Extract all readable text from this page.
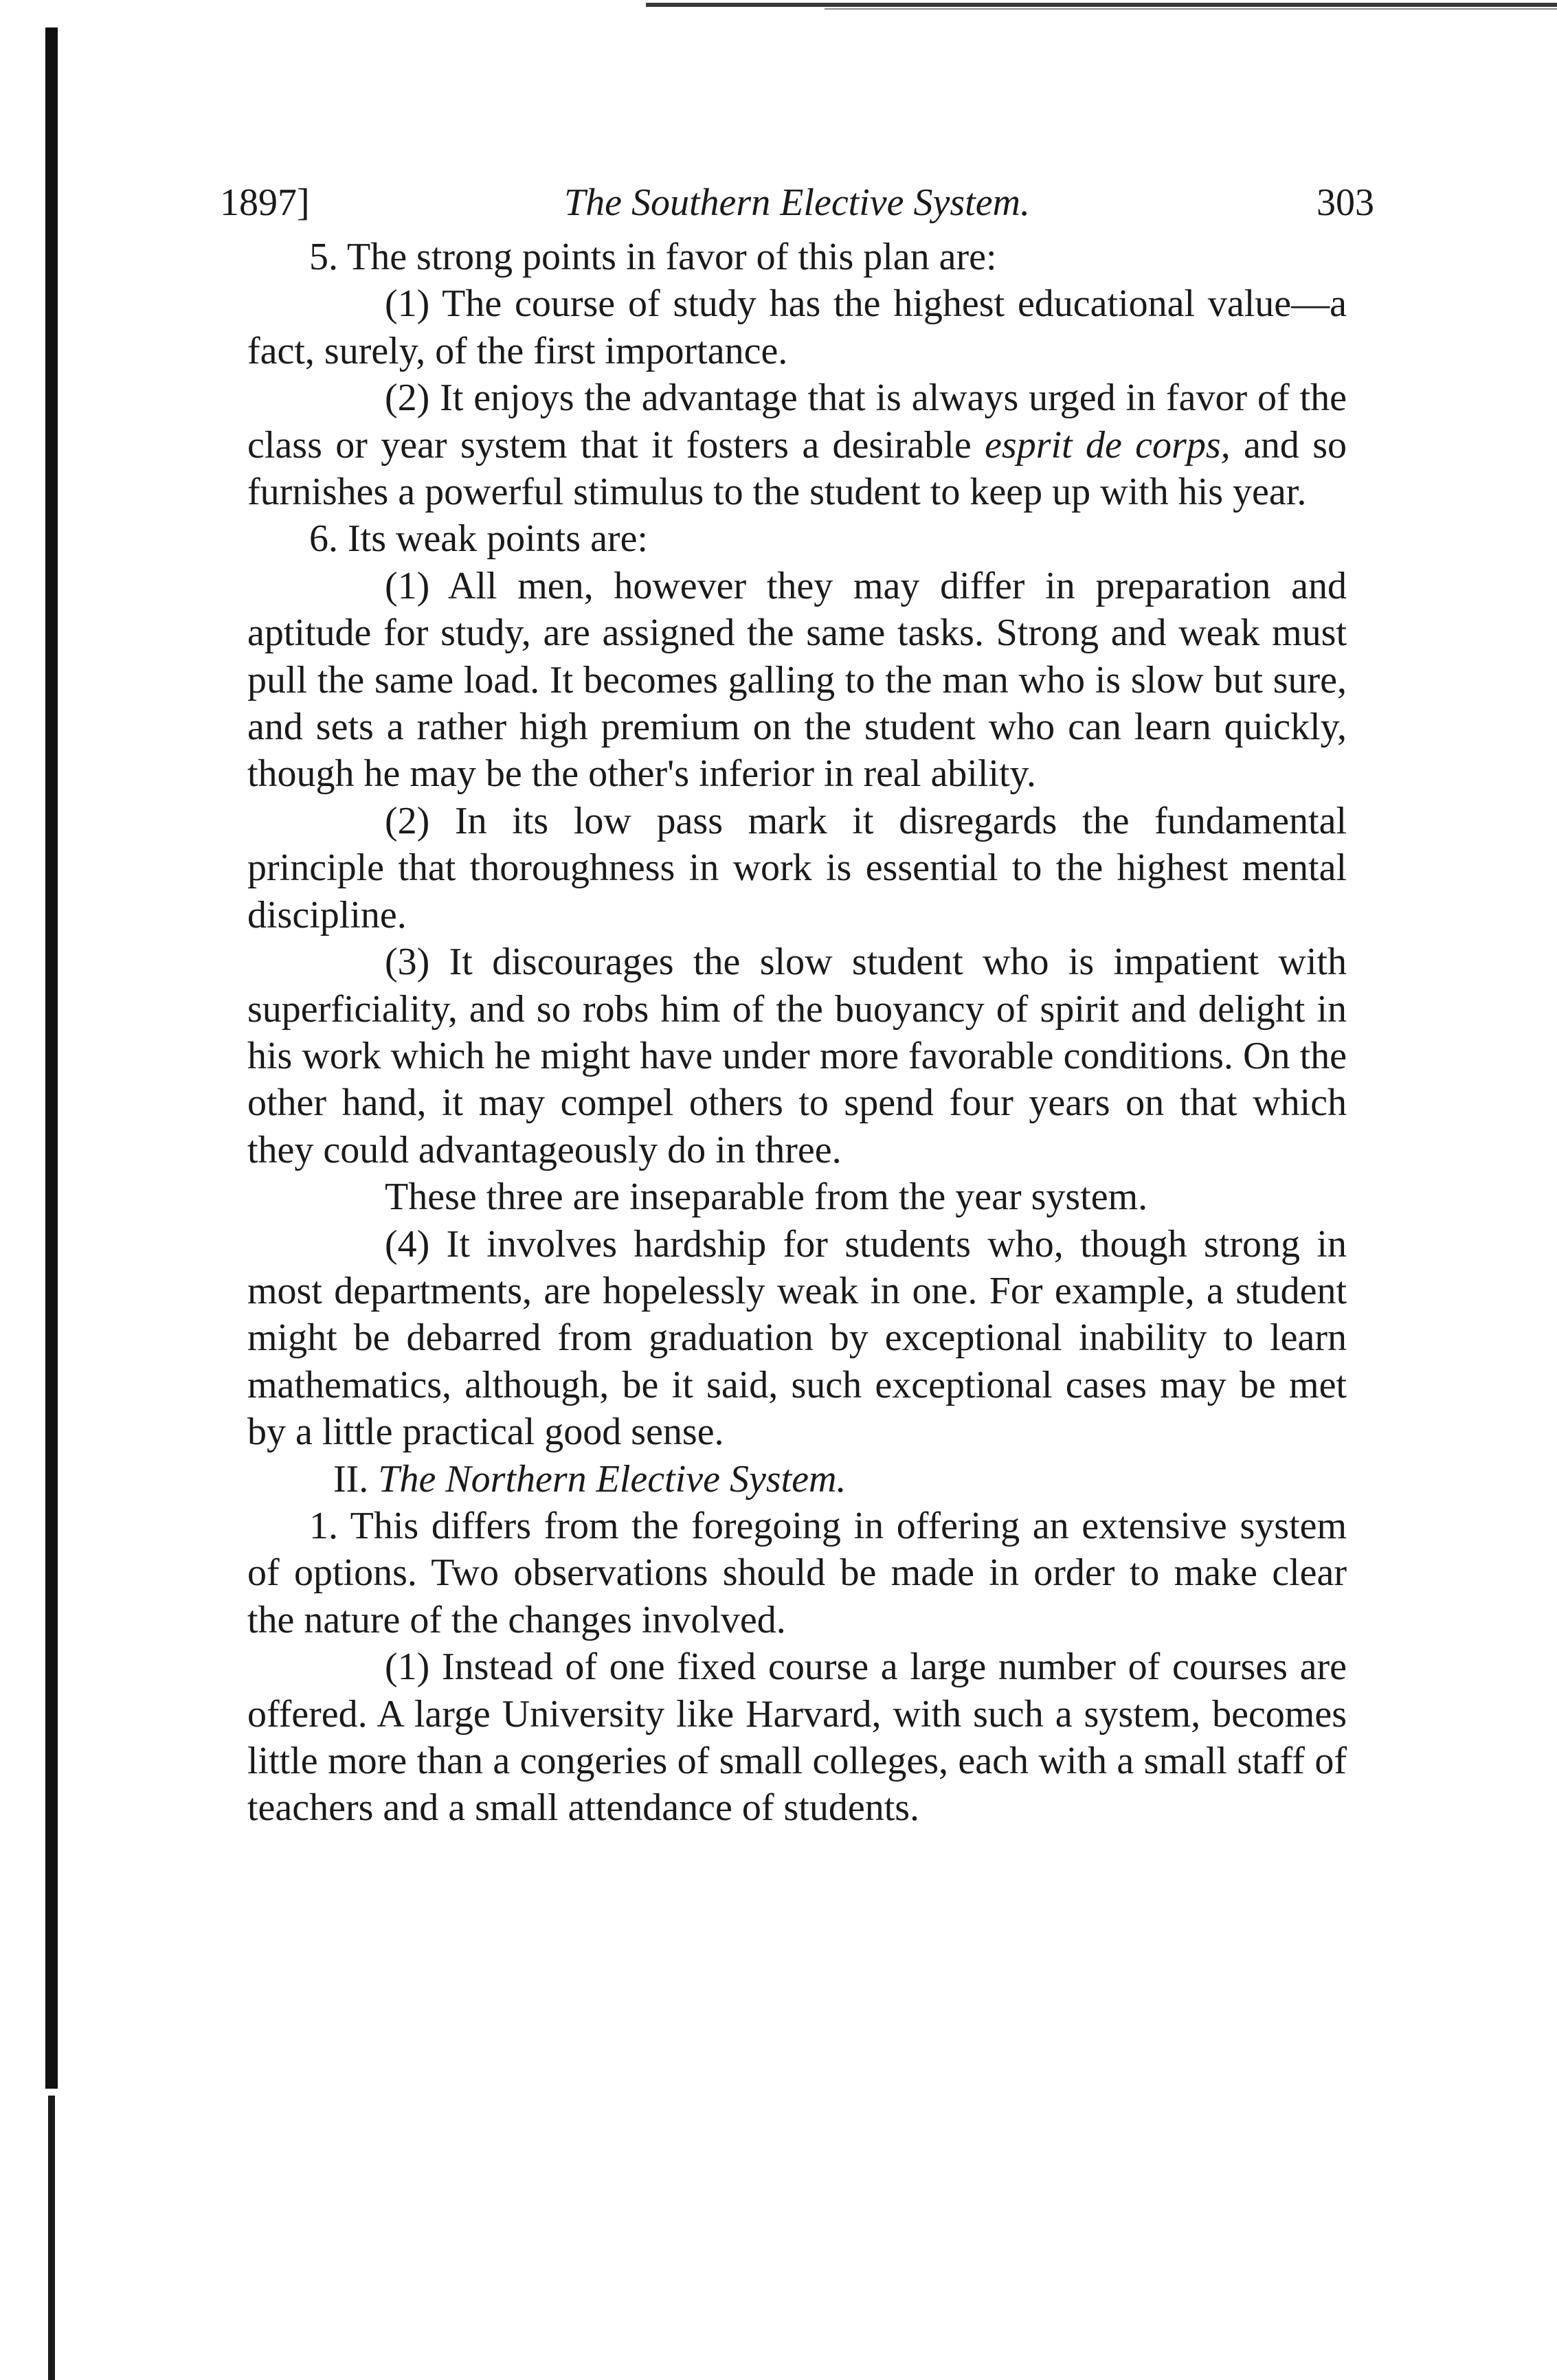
1897]	The Southern Elective System.	303

5. The strong points in favor of this plan are:

(1) The course of study has the highest educational value—a fact, surely, of the first importance.

(2) It enjoys the advantage that is always urged in favor of the class or year system that it fosters a desirable esprit de corps, and so furnishes a powerful stimulus to the student to keep up with his year.

6. Its weak points are:

(1) All men, however they may differ in preparation and aptitude for study, are assigned the same tasks. Strong and weak must pull the same load. It becomes galling to the man who is slow but sure, and sets a rather high premium on the student who can learn quickly, though he may be the other's inferior in real ability.

(2) In its low pass mark it disregards the fundamental principle that thoroughness in work is essential to the highest mental discipline.

(3) It discourages the slow student who is impatient with superficiality, and so robs him of the buoyancy of spirit and delight in his work which he might have under more favorable conditions. On the other hand, it may compel others to spend four years on that which they could advantageously do in three.

These three are inseparable from the year system.

(4) It involves hardship for students who, though strong in most departments, are hopelessly weak in one. For example, a student might be debarred from graduation by exceptional inability to learn mathematics, although, be it said, such exceptional cases may be met by a little practical good sense.

II. The Northern Elective System.

1. This differs from the foregoing in offering an extensive system of options. Two observations should be made in order to make clear the nature of the changes involved.

(1) Instead of one fixed course a large number of courses are offered. A large University like Harvard, with such a system, becomes little more than a congeries of small colleges, each with a small staff of teachers and a small attendance of students.
